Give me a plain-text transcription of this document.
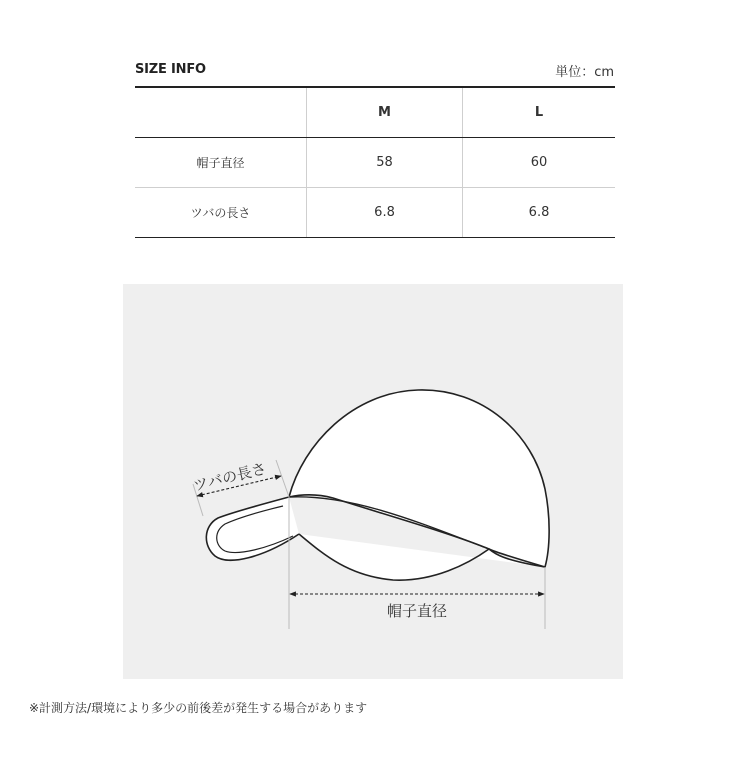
SIZE INFO	単位：cm
	M	L
帽子直径	58	60
ツバの長さ	6.8	6.8
帽子直径
ツバの長さ
※計測方法/環境により多少の前後差が発生する場合があります
